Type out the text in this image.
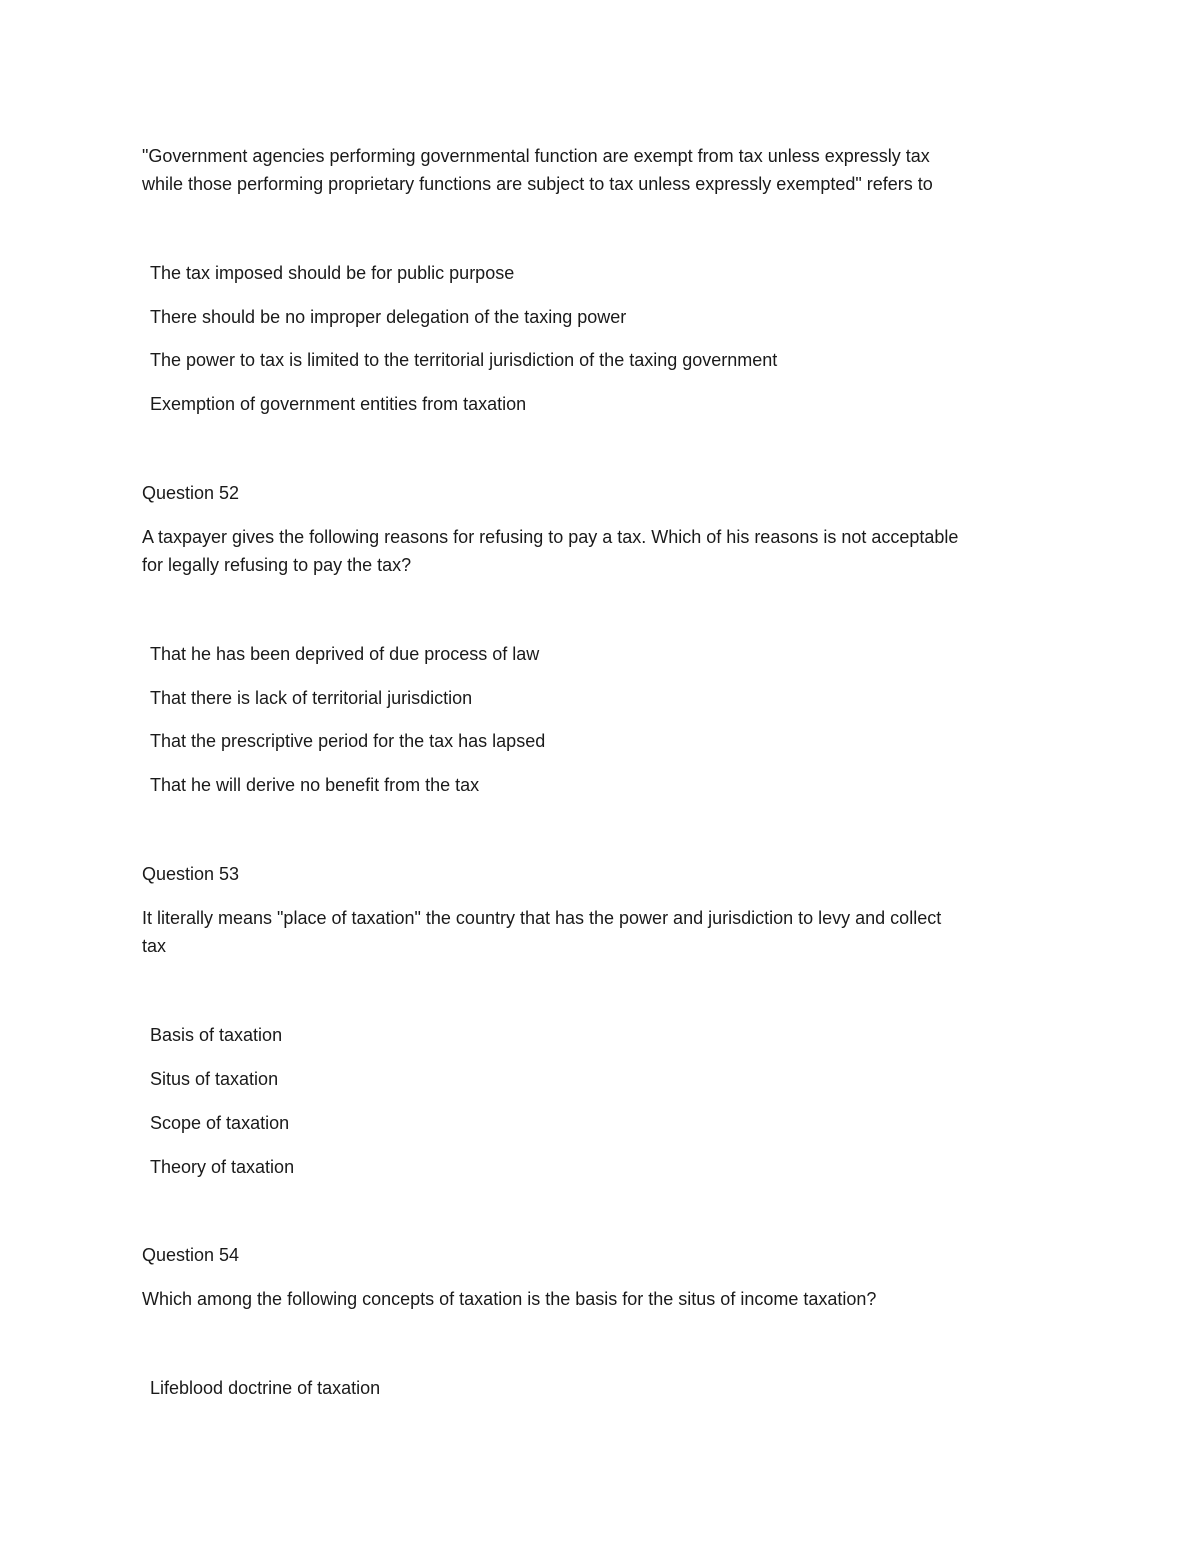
"Government agencies performing governmental function are exempt from tax unless expressly tax
while those performing proprietary functions are subject to tax unless expressly exempted" refers to
The tax imposed should be for public purpose
There should be no improper delegation of the taxing power
The power to tax is limited to the territorial jurisdiction of the taxing government
Exemption of government entities from taxation
Question 52
A taxpayer gives the following reasons for refusing to pay a tax. Which of his reasons is not acceptable
for legally refusing to pay the tax?
That he has been deprived of due process of law
That there is lack of territorial jurisdiction
That the prescriptive period for the tax has lapsed
That he will derive no benefit from the tax
Question 53
It literally means "place of taxation" the country that has the power and jurisdiction to levy and collect
tax
Basis of taxation
Situs of taxation
Scope of taxation
Theory of taxation
Question 54
Which among the following concepts of taxation is the basis for the situs of income taxation?
Lifeblood doctrine of taxation
